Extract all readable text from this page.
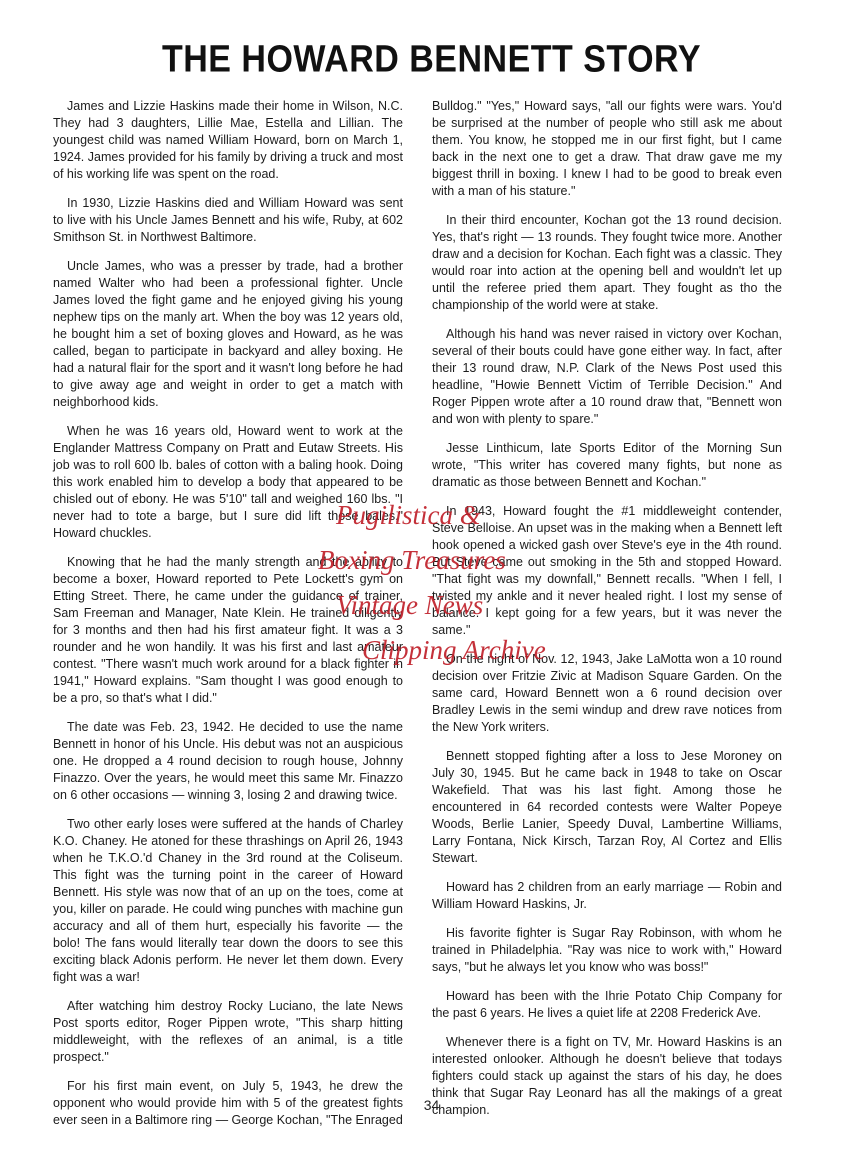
THE HOWARD BENNETT STORY

James and Lizzie Haskins made their home in Wilson, N.C. They had 3 daughters, Lillie Mae, Estella and Lillian. The youngest child was named William Howard, born on March 1, 1924. James provided for his family by driving a truck and most of his working life was spent on the road.

In 1930, Lizzie Haskins died and William Howard was sent to live with his Uncle James Bennett and his wife, Ruby, at 602 Smithson St. in Northwest Baltimore.

Uncle James, who was a presser by trade, had a brother named Walter who had been a professional fighter. Uncle James loved the fight game and he enjoyed giving his young nephew tips on the manly art. When the boy was 12 years old, he bought him a set of boxing gloves and Howard, as he was called, began to participate in backyard and alley boxing. He had a natural flair for the sport and it wasn't long before he had to give away age and weight in order to get a match with neighborhood kids.

When he was 16 years old, Howard went to work at the Englander Mattress Company on Pratt and Eutaw Streets. His job was to roll 600 lb. bales of cotton with a baling hook. Doing this work enabled him to develop a body that appeared to be chisled out of ebony. He was 5'10" tall and weighed 160 lbs. "I never had to tote a barge, but I sure did lift those bales," Howard chuckles.

Knowing that he had the manly strength and the ability to become a boxer, Howard reported to Pete Lockett's gym on Etting Street. There, he came under the guidance of trainer, Sam Freeman and Manager, Nate Klein. He trained diligently for 3 months and then had his first amateur fight. It was a 3 rounder and he won handily. It was his first and last amateur contest. "There wasn't much work around for a black fighter in 1941," Howard explains. "Sam thought I was good enough to be a pro, so that's what I did."

The date was Feb. 23, 1942. He decided to use the name Bennett in honor of his Uncle. His debut was not an auspicious one. He dropped a 4 round decision to rough house, Johnny Finazzo. Over the years, he would meet this same Mr. Finazzo on 6 other occasions — winning 3, losing 2 and drawing twice.

Two other early loses were suffered at the hands of Charley K.O. Chaney. He atoned for these thrashings on April 26, 1943 when he T.K.O.'d Chaney in the 3rd round at the Coliseum. This fight was the turning point in the career of Howard Bennett. His style was now that of an up on the toes, come at you, killer on parade. He could wing punches with machine gun accuracy and all of them hurt, especially his favorite — the bolo! The fans would literally tear down the doors to see this exciting black Adonis perform. He never let them down. Every fight was a war!

After watching him destroy Rocky Luciano, the late News Post sports editor, Roger Pippen wrote, "This sharp hitting middleweight, with the reflexes of an animal, is a title prospect."

For his first main event, on July 5, 1943, he drew the opponent who would provide him with 5 of the greatest fights ever seen in a Baltimore ring — George Kochan, "The Enraged

Bulldog." "Yes," Howard says, "all our fights were wars. You'd be surprised at the number of people who still ask me about them. You know, he stopped me in our first fight, but I came back in the next one to get a draw. That draw gave me my biggest thrill in boxing. I knew I had to be good to break even with a man of his stature."

In their third encounter, Kochan got the 13 round decision. Yes, that's right — 13 rounds. They fought twice more. Another draw and a decision for Kochan. Each fight was a classic. They would roar into action at the opening bell and wouldn't let up until the referee pried them apart. They fought as tho the championship of the world were at stake.

Although his hand was never raised in victory over Kochan, several of their bouts could have gone either way. In fact, after their 13 round draw, N.P. Clark of the News Post used this headline, "Howie Bennett Victim of Terrible Decision." And Roger Pippen wrote after a 10 round draw that, "Bennett won and won with plenty to spare."

Jesse Linthicum, late Sports Editor of the Morning Sun wrote, "This writer has covered many fights, but none as dramatic as those between Bennett and Kochan."

In 1943, Howard fought the #1 middleweight contender, Steve Belloise. An upset was in the making when a Bennett left hook opened a wicked gash over Steve's eye in the 4th round. But Steve came out smoking in the 5th and stopped Howard. "That fight was my downfall," Bennett recalls. "When I fell, I twisted my ankle and it never healed right. I lost my sense of balance. I kept going for a few years, but it was never the same."

On the night of Nov. 12, 1943, Jake LaMotta won a 10 round decision over Fritzie Zivic at Madison Square Garden. On the same card, Howard Bennett won a 6 round decision over Bradley Lewis in the semi windup and drew rave notices from the New York writers.

Bennett stopped fighting after a loss to Jese Moroney on July 30, 1945. But he came back in 1948 to take on Oscar Wakefield. That was his last fight. Among those he encountered in 64 recorded contests were Walter Popeye Woods, Berlie Lanier, Speedy Duval, Lambertine Williams, Larry Fontana, Nick Kirsch, Tarzan Roy, Al Cortez and Ellis Stewart.

Howard has 2 children from an early marriage — Robin and William Howard Haskins, Jr.

His favorite fighter is Sugar Ray Robinson, with whom he trained in Philadelphia. "Ray was nice to work with," Howard says, "but he always let you know who was boss!"

Howard has been with the Ihrie Potato Chip Company for the past 6 years. He lives a quiet life at 2208 Frederick Ave.

Whenever there is a fight on TV, Mr. Howard Haskins is an interested onlooker. Although he doesn't believe that todays fighters could stack up against the stars of his day, he does think that Sugar Ray Leonard has all the makings of a great champion.

Pugilistica &
Boxing Treasures
Vintage News
Clipping Archive
34
